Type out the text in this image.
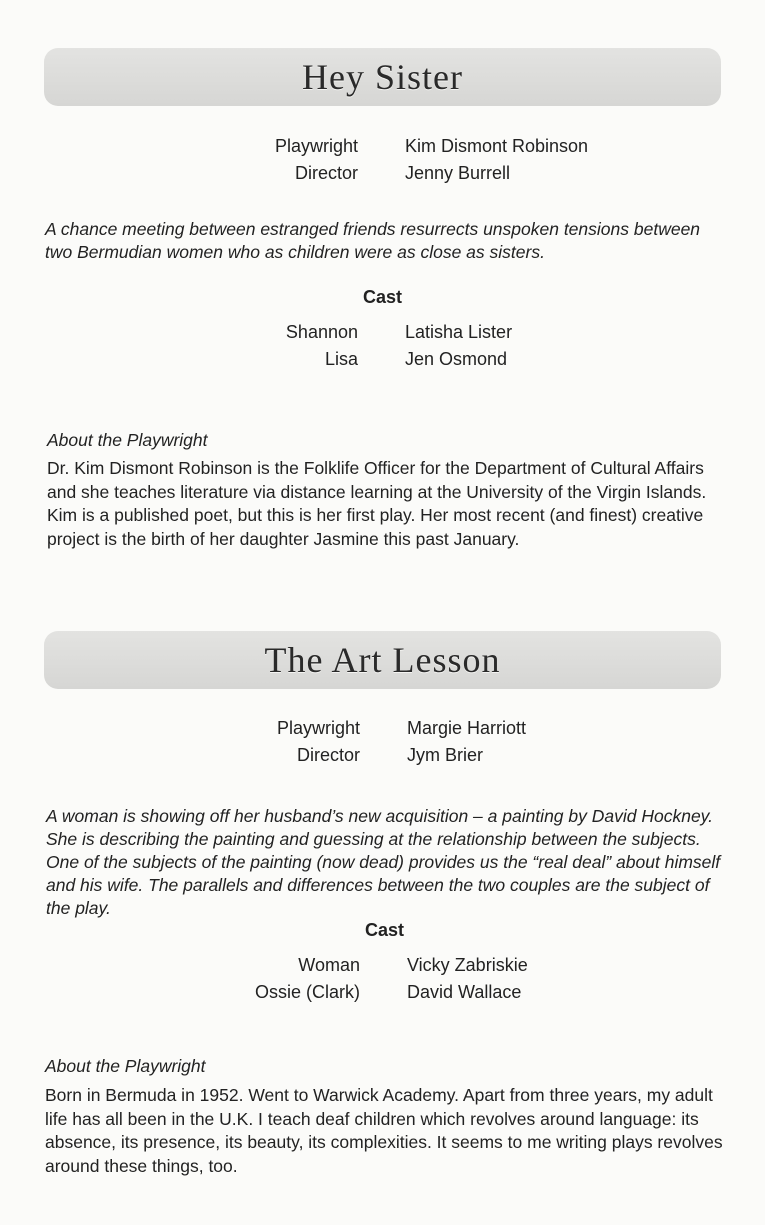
Hey Sister
Playwright	Kim Dismont Robinson
Director	Jenny Burrell

A chance meeting between estranged friends resurrects unspoken tensions between two Bermudian women who as children were as close as sisters.

Cast
Shannon	Latisha Lister
Lisa	Jen Osmond
About the Playwright

Dr. Kim Dismont Robinson is the Folklife Officer for the Department of Cultural Affairs and she teaches literature via distance learning at the University of the Virgin Islands. Kim is a published poet, but this is her first play. Her most recent (and finest) creative project is the birth of her daughter Jasmine this past January.

The Art Lesson
Playwright	Margie Harriott
Director	Jym Brier

A woman is showing off her husband’s new acquisition – a painting by David Hockney. She is describing the painting and guessing at the relationship between the subjects. One of the subjects of the painting (now dead) provides us the “real deal” about himself and his wife. The parallels and differences between the two couples are the subject of the play.

Cast
Woman	Vicky Zabriskie
Ossie (Clark)	David Wallace
About the Playwright

Born in Bermuda in 1952. Went to Warwick Academy. Apart from three years, my adult life has all been in the U.K. I teach deaf children which revolves around language: its absence, its presence, its beauty, its complexities. It seems to me writing plays revolves around these things, too.
